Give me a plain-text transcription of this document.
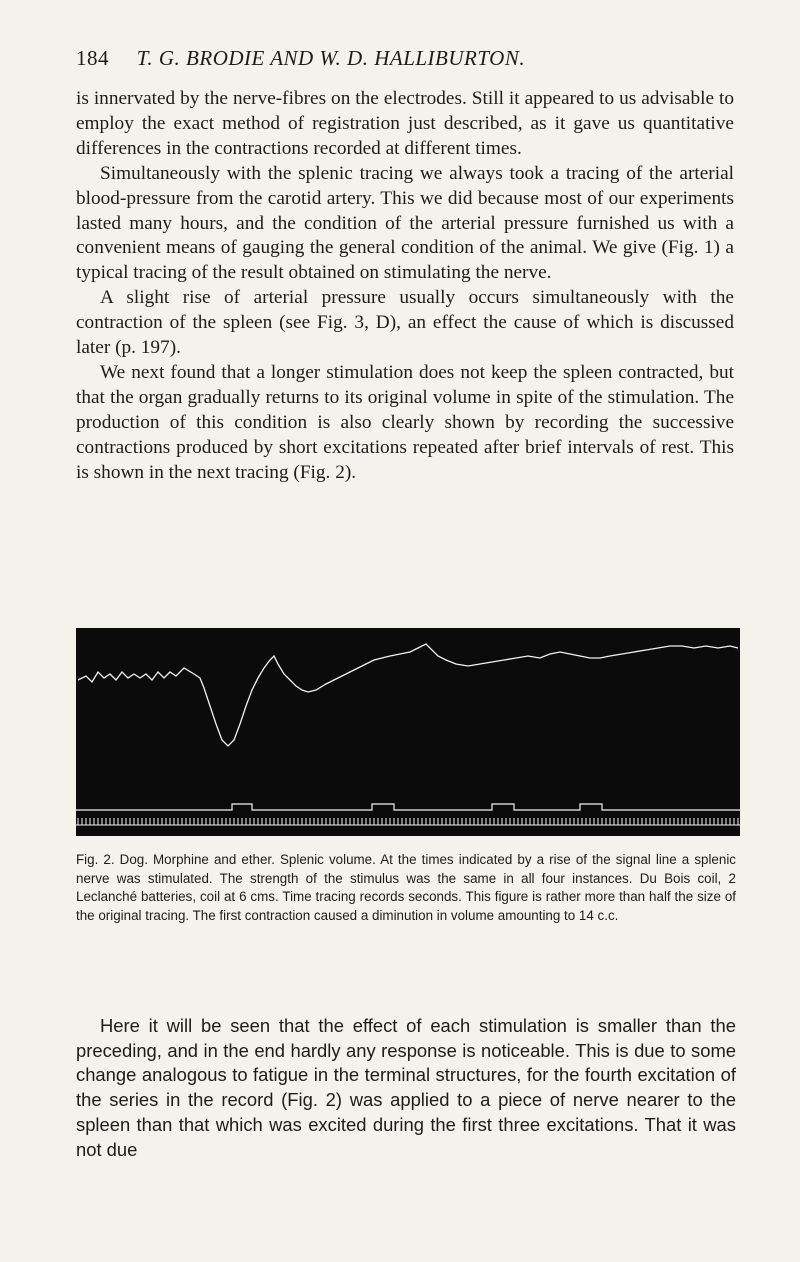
184 T. G. BRODIE AND W. D. HALLIBURTON.

is innervated by the nerve-fibres on the electrodes. Still it appeared to us advisable to employ the exact method of registration just described, as it gave us quantitative differences in the contractions recorded at different times.

Simultaneously with the splenic tracing we always took a tracing of the arterial blood-pressure from the carotid artery. This we did because most of our experiments lasted many hours, and the condition of the arterial pressure furnished us with a convenient means of gauging the general condition of the animal. We give (Fig. 1) a typical tracing of the result obtained on stimulating the nerve.

A slight rise of arterial pressure usually occurs simultaneously with the contraction of the spleen (see Fig. 3, D), an effect the cause of which is discussed later (p. 197).

We next found that a longer stimulation does not keep the spleen contracted, but that the organ gradually returns to its original volume in spite of the stimulation. The production of this condition is also clearly shown by recording the successive contractions produced by short excitations repeated after brief intervals of rest. This is shown in the next tracing (Fig. 2).

Fig. 2. Dog. Morphine and ether. Splenic volume. At the times indicated by a rise of the signal line a splenic nerve was stimulated. The strength of the stimulus was the same in all four instances. Du Bois coil, 2 Leclanché batteries, coil at 6 cms. Time tracing records seconds. This figure is rather more than half the size of the original tracing. The first contraction caused a diminution in volume amounting to 14 c.c.

Here it will be seen that the effect of each stimulation is smaller than the preceding, and in the end hardly any response is noticeable. This is due to some change analogous to fatigue in the terminal structures, for the fourth excitation of the series in the record (Fig. 2) was applied to a piece of nerve nearer to the spleen than that which was excited during the first three excitations. That it was not due
